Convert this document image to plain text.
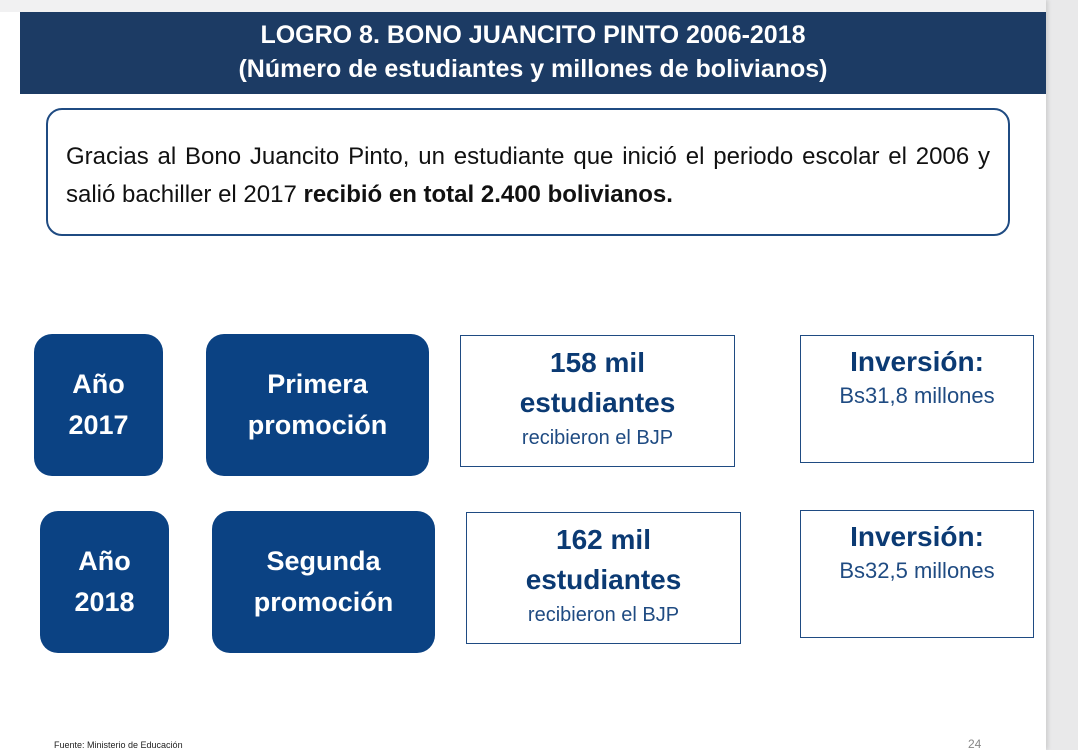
LOGRO 8. BONO JUANCITO PINTO 2006-2018
(Número de estudiantes y millones de bolivianos)
Gracias al Bono Juancito Pinto, un estudiante que inició el periodo escolar el 2006 y salió bachiller el 2017 recibió en total 2.400 bolivianos.
Año
2017
Primera
promoción
158 mil
estudiantes
recibieron el BJP
Inversión:
Bs31,8 millones
Año
2018
Segunda
promoción
162 mil
estudiantes
recibieron el BJP
Inversión:
Bs32,5 millones
Fuente: Ministerio de Educación	24
